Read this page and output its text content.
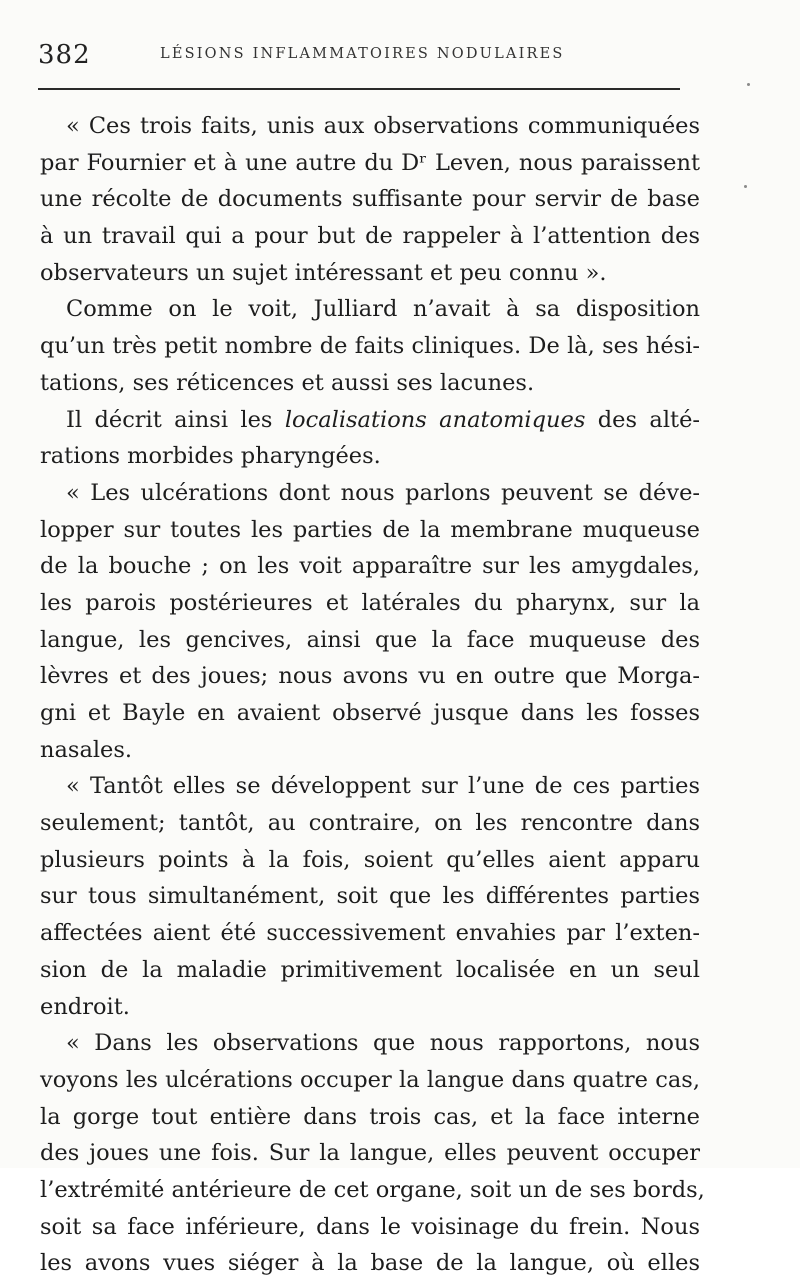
382	LÉSIONS INFLAMMATOIRES NODULAIRES
« Ces trois faits, unis aux observations communiquées
par Fournier et à une autre du Dʳ Leven, nous paraissent
une récolte de documents suffisante pour servir de base
à un travail qui a pour but de rappeler à l’attention des
observateurs un sujet intéressant et peu connu ».
Comme on le voit, Julliard n’avait à sa disposition
qu’un très petit nombre de faits cliniques. De là, ses hési-
tations, ses réticences et aussi ses lacunes.
Il décrit ainsi les localisations anatomiques des alté-
rations morbides pharyngées.
« Les ulcérations dont nous parlons peuvent se déve-
lopper sur toutes les parties de la membrane muqueuse
de la bouche ; on les voit apparaître sur les amygdales,
les parois postérieures et latérales du pharynx, sur la
langue, les gencives, ainsi que la face muqueuse des
lèvres et des joues; nous avons vu en outre que Morga-
gni et Bayle en avaient observé jusque dans les fosses
nasales.
« Tantôt elles se développent sur l’une de ces parties
seulement; tantôt, au contraire, on les rencontre dans
plusieurs points à la fois, soient qu’elles aient apparu
sur tous simultanément, soit que les différentes parties
affectées aient été successivement envahies par l’exten-
sion de la maladie primitivement localisée en un seul
endroit.
« Dans les observations que nous rapportons, nous
voyons les ulcérations occuper la langue dans quatre cas,
la gorge tout entière dans trois cas, et la face interne
des joues une fois. Sur la langue, elles peuvent occuper
l’extrémité antérieure de cet organe, soit un de ses bords,
soit sa face inférieure, dans le voisinage du frein. Nous
les avons vues siéger à la base de la langue, où elles
